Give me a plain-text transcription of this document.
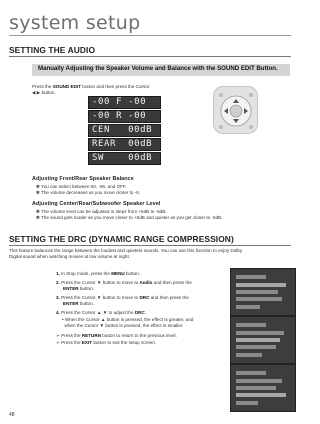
system setup
SETTING THE AUDIO
Manually Adjusting the Speaker Volume and Balance with the SOUND EDIT Button.
Press the SOUND EDIT button and then press the Cursor
◀ ▶ button.
-00 F -00
-00 R -00
CEN   00dB
REAR  00dB
SW    00dB
Adjusting Front/Rear Speaker Balance
✽ You can select between 00, -06, and OFF.
✽ The volume decreases as you move closer to -6.
Adjusting Center/Rear/Subwoofer Speaker Level
✽ The volume level can be adjusted in steps from +6dB to -6dB.
✽ The sound gets louder as you move closer to +6dB and quieter as you get closer to -6dB.
SETTING THE DRC (DYNAMIC RANGE COMPRESSION)
This feature balances the range between the loudest and quietest sounds. You can use this function to enjoy Dolby
Digital sound when watching movies at low volume at night.
1. In Stop mode, press the MENU button.
2. Press the Cursor ▼ button to move to Audio and then press the
ENTER button.
3. Press the Cursor ▼ button to move to DRC and then press the
ENTER button.
4. Press the Cursor ▲,▼ to adjust the DRC.
• When the Cursor ▲ button is pressed, the effect is greater, and
when the Cursor ▼ button is pressed, the effect is smaller.
➣ Press the RETURN button to return to the previous level.
➣ Press the EXIT button to exit the setup screen.
48
